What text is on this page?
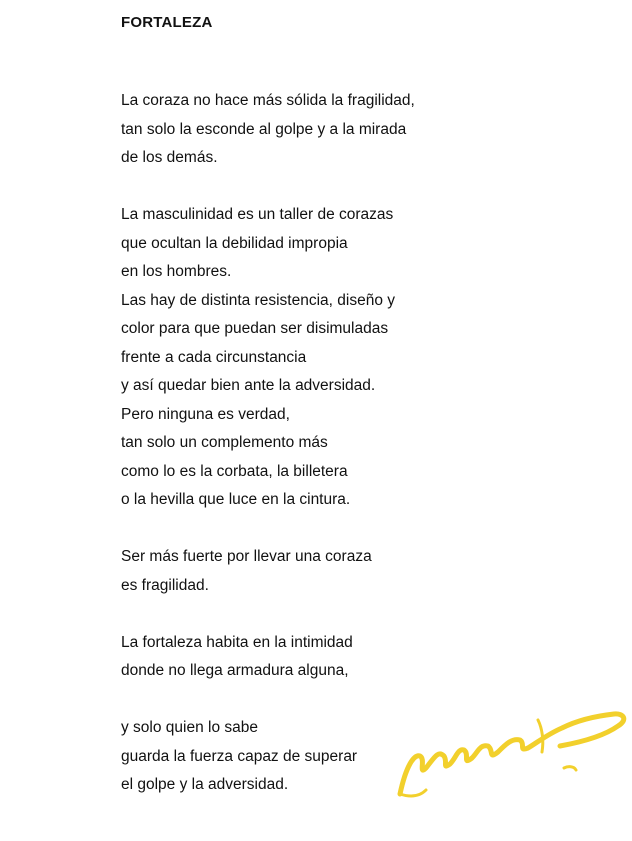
FORTALEZA
La coraza no hace más sólida la fragilidad,
tan solo la esconde al golpe y a la mirada
de los demás.
La masculinidad es un taller de corazas
que ocultan la debilidad impropia
en los hombres.
Las hay de distinta resistencia, diseño y
color para que puedan ser disimuladas
frente a cada circunstancia
y así quedar bien ante la adversidad.
Pero ninguna es verdad,
tan solo un complemento más
como lo es la corbata, la billetera
o la hevilla que luce en la cintura.
Ser más fuerte por llevar una coraza
es fragilidad.
La fortaleza habita en la intimidad
donde no llega armadura alguna,
y solo quien lo sabe
guarda la fuerza capaz de superar
el golpe y la adversidad.
